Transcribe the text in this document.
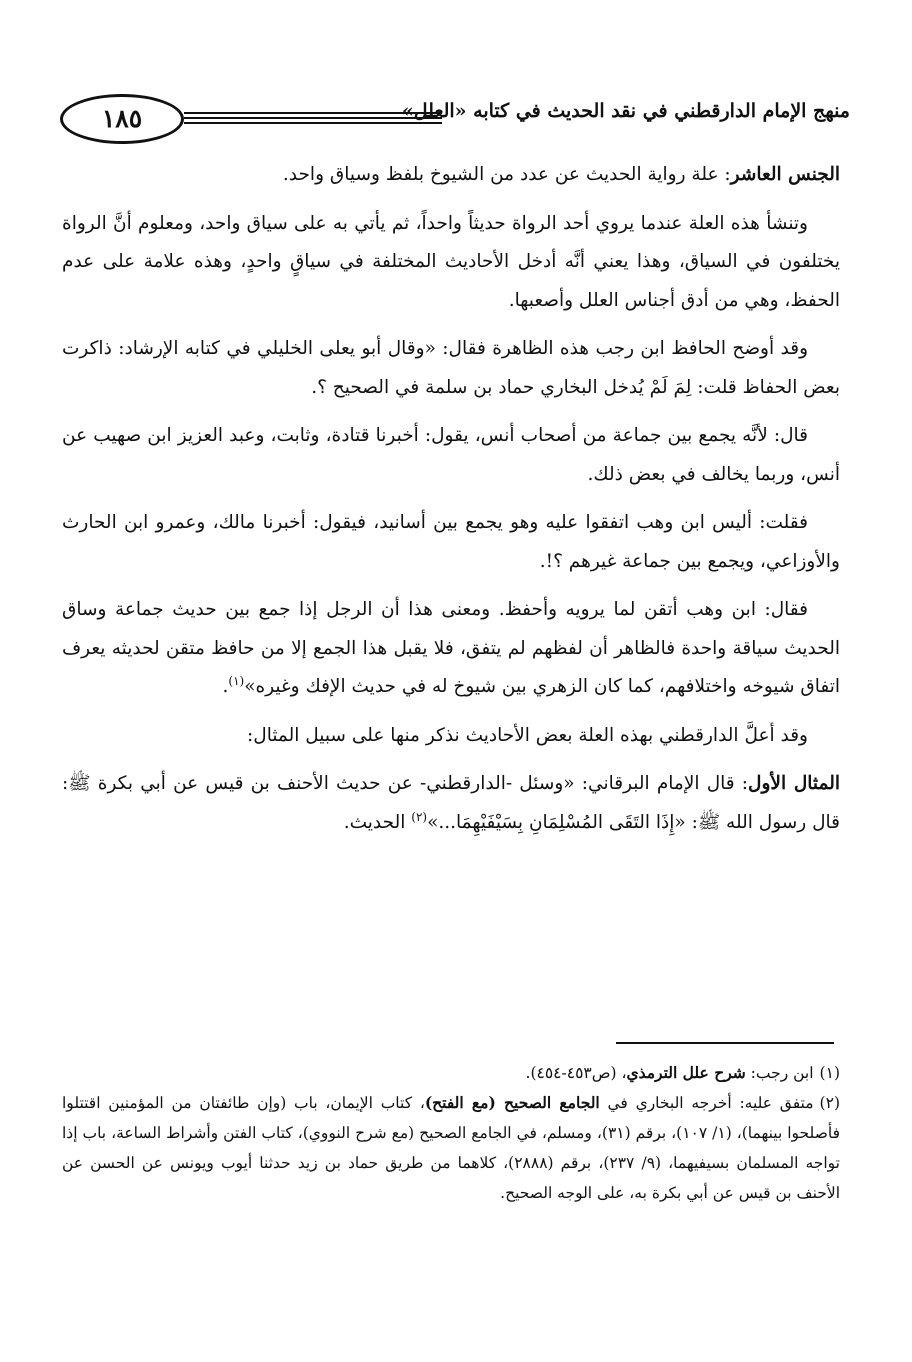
١٨٥	منهج الإمام الدارقطني في نقد الحديث في كتابه «العلل»

الجنس العاشر: علة رواية الحديث عن عدد من الشيوخ بلفظ وسياق واحد.

وتنشأ هذه العلة عندما يروي أحد الرواة حديثاً واحداً، ثم يأتي به على سياق واحد، ومعلوم أنَّ الرواة يختلفون في السياق، وهذا يعني أنَّه أدخل الأحاديث المختلفة في سياقٍ واحدٍ، وهذه علامة على عدم الحفظ، وهي من أدق أجناس العلل وأصعبها.

وقد أوضح الحافظ ابن رجب هذه الظاهرة فقال: «وقال أبو يعلى الخليلي في كتابه الإرشاد: ذاكرت بعض الحفاظ قلت: لِمَ لَمْ يُدخل البخاري حماد بن سلمة في الصحيح ؟.

قال: لأنَّه يجمع بين جماعة من أصحاب أنس، يقول: أخبرنا قتادة، وثابت، وعبد العزيز ابن صهيب عن أنس، وربما يخالف في بعض ذلك.

فقلت: أليس ابن وهب اتفقوا عليه وهو يجمع بين أسانيد، فيقول: أخبرنا مالك، وعمرو ابن الحارث والأوزاعي، ويجمع بين جماعة غيرهم ؟!.

فقال: ابن وهب أتقن لما يرويه وأحفظ. ومعنى هذا أن الرجل إذا جمع بين حديث جماعة وساق الحديث سياقة واحدة فالظاهر أن لفظهم لم يتفق، فلا يقبل هذا الجمع إلا من حافظ متقن لحديثه يعرف اتفاق شيوخه واختلافهم، كما كان الزهري بين شيوخ له في حديث الإفك وغيره»$^{(١)}$.

وقد أعلَّ الدارقطني بهذه العلة بعض الأحاديث نذكر منها على سبيل المثال:

المثال الأول: قال الإمام البرقاني: «وسئل -الدارقطني- عن حديث الأحنف بن قيس عن أبي بكرة ﷺ: قال رسول الله ﷺ: «إِذَا التَقَى المُسْلِمَانِ بِسَيْفَيْهِمَا...»$^{(٢)}$ الحديث.

(١)ابن رجب: شرح علل الترمذي، (ص٤٥٣-٤٥٤).

(٢)متفق عليه: أخرجه البخاري في الجامع الصحيح (مع الفتح)، كتاب الإيمان، باب (وإن طائفتان من المؤمنين اقتتلوا فأصلحوا بينهما)، (١/ ١٠٧)، برقم (٣١)، ومسلم، في الجامع الصحيح (مع شرح النووي)، كتاب الفتن وأشراط الساعة، باب إذا تواجه المسلمان بسيفيهما، (٩/ ٢٣٧)، برقم (٢٨٨٨)، كلاهما من طريق حماد بن زيد حدثنا أيوب ويونس عن الحسن عن الأحنف بن قيس عن أبي بكرة به، على الوجه الصحيح.
